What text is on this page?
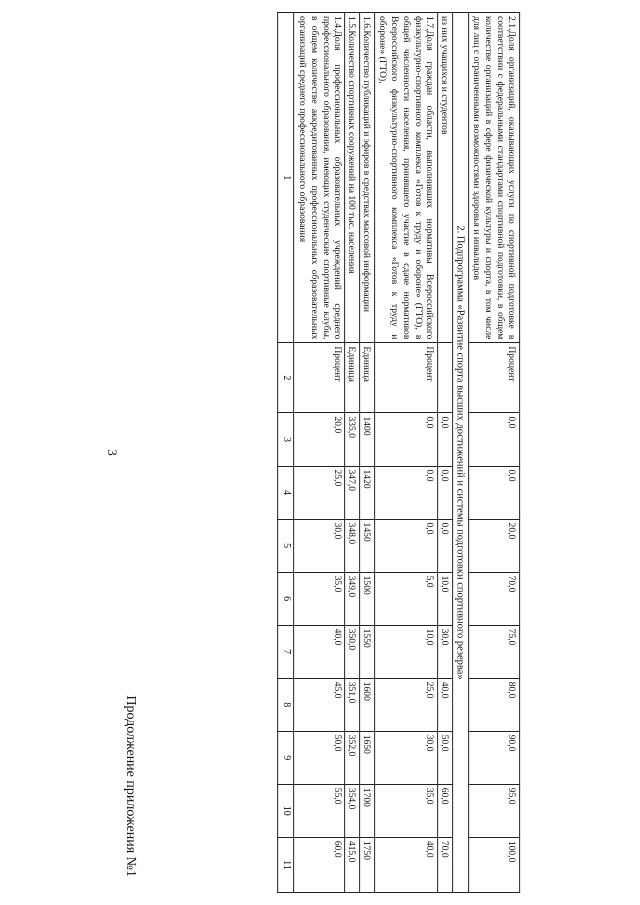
Продолжение приложения №1
3
1	2	3	4	5	6	7	8	9	10	11
1.4.Доля профессиональных образовательных учреждений среднего профессионального образования, имеющих студенческие спортивные клубы, в общем количестве аккредитованных профессиональных образовательных организаций среднего профессионального образования	Процент	20,0	25,0	30,0	35,0	40,0	45,0	50,0	55,0	60,0
1.5.Количество спортивных сооружений на 100 тыс. населения	Единица	335,0	347,0	348,0	349,0	350,0	351,0	352,0	354,0	415,0
1.6.Количество публикаций и эфиров в средствах массовой информации	Единица	1400	1420	1450	1500	1550	1600	1650	1700	1750
1.7.Доля граждан области, выполнивших нормативы Всероссийского физкультурно-спортивного комплекса «Готов к труду и обороне» (ГТО), в общей численности населения, принявшего участие в сдаче нормативов Всероссийского физкультурно-спортивного комплекса «Готов к труду и обороне» (ГТО),	Процент	0,0	0,0	0,0	5,0	10,0	25,0	30,0	35,0	40,0
из них учащихся и студентов		0,0	0,0	0,0	10,0	30,0	40,0	50,0	60,0	70,0
2. Подпрограмма «Развитие спорта высших достижений и системы подготовки спортивного резерва»										
2.1.Доля организаций, оказывающих услуги по спортивной подготовке в соответствии с федеральными стандартами спортивной подготовки, в общем количестве организаций в сфере физической культуры и спорта, в том числе для лиц с ограниченными возможностями здоровья и инвалидов	Процент	0,0	0,0	20,0	70,0	75,0	80,0	90,0	95,0	100,0
